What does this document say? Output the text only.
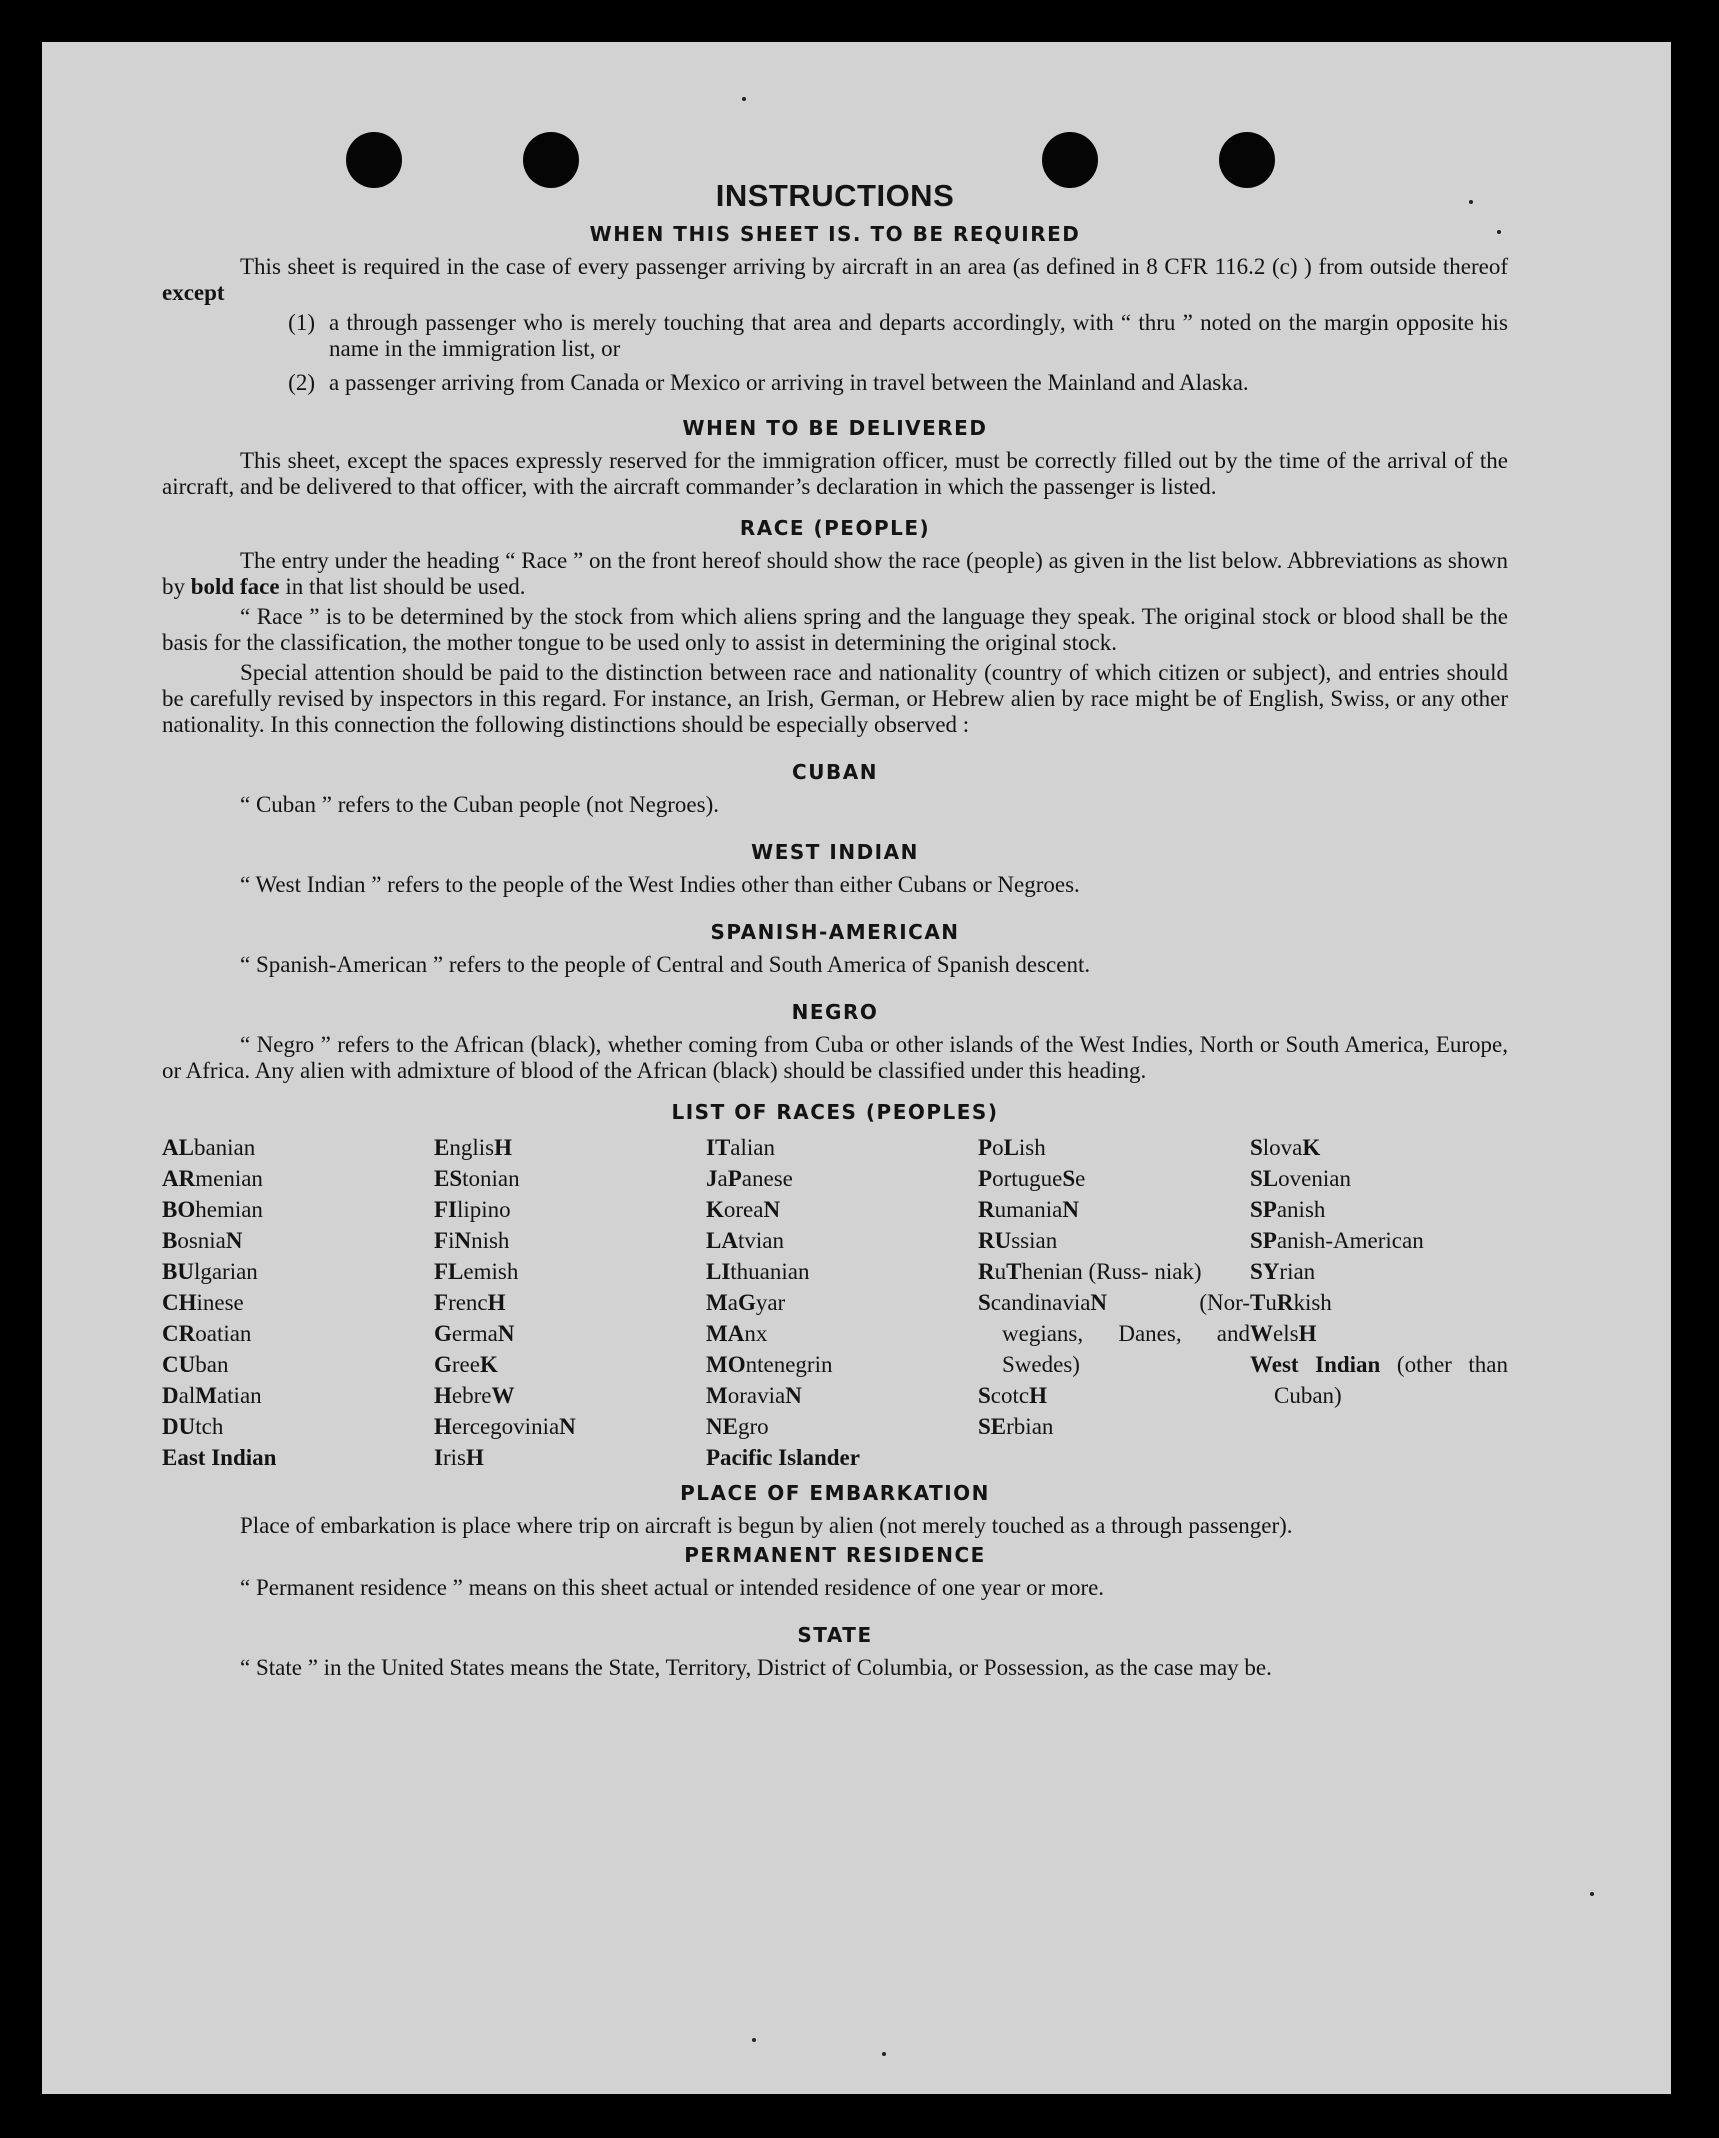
INSTRUCTIONS
WHEN THIS SHEET IS. TO BE REQUIRED

This sheet is required in the case of every passenger arriving by aircraft in an area (as defined in 8 CFR 116.2 (c) ) from outside thereof except

(1) a through passenger who is merely touching that area and departs accordingly, with “ thru ” noted on the margin opposite his name in the immigration list, or
(2) a passenger arriving from Canada or Mexico or arriving in travel between the Mainland and Alaska.
WHEN TO BE DELIVERED

This sheet, except the spaces expressly reserved for the immigration officer, must be correctly filled out by the time of the arrival of the aircraft, and be delivered to that officer, with the aircraft commander’s declaration in which the passenger is listed.

RACE (PEOPLE)

The entry under the heading “ Race ” on the front hereof should show the race (people) as given in the list below. Abbreviations as shown by bold face in that list should be used.

“ Race ” is to be determined by the stock from which aliens spring and the language they speak. The original stock or blood shall be the basis for the classification, the mother tongue to be used only to assist in determining the original stock.

Special attention should be paid to the distinction between race and nationality (country of which citizen or subject), and entries should be carefully revised by inspectors in this regard. For instance, an Irish, German, or Hebrew alien by race might be of English, Swiss, or any other nationality. In this connection the following distinctions should be especially observed :

CUBAN

“ Cuban ” refers to the Cuban people (not Negroes).

WEST INDIAN

“ West Indian ” refers to the people of the West Indies other than either Cubans or Negroes.

SPANISH-AMERICAN

“ Spanish-American ” refers to the people of Central and South America of Spanish descent.

NEGRO

“ Negro ” refers to the African (black), whether coming from Cuba or other islands of the West Indies, North or South America, Europe, or Africa. Any alien with admixture of blood of the African (black) should be classified under this heading.

LIST OF RACES (PEOPLES)
ALbanian
ARmenian
BOhemian
BosniaN
BUlgarian
CHinese
CRoatian
CUban
DalMatian
DUtch
East Indian
EnglisH
EStonian
FIlipino
FiNnish
FLemish
FrencH
GermaN
GreeK
HebreW
HercegoviniaN
IrisH
ITalian
JaPanese
KoreaN
LAtvian
LIthuanian
MaGyar
MAnx
MOntenegrin
MoraviaN
NEgro
Pacific Islander
PoLish
PortugueSe
RumaniaN
RUssian
RuThenian (Russ- niak)
ScandinaviaN (Nor- wegians, Danes, and Swedes)
ScotcH
SErbian
SlovaK
SLovenian
SPanish
SPanish-American
SYrian
TuRkish
WelsH
West Indian (other than Cuban)
PLACE OF EMBARKATION

Place of embarkation is place where trip on aircraft is begun by alien (not merely touched as a through passenger).

PERMANENT RESIDENCE

“ Permanent residence ” means on this sheet actual or intended residence of one year or more.

STATE

“ State ” in the United States means the State, Territory, District of Columbia, or Possession, as the case may be.
